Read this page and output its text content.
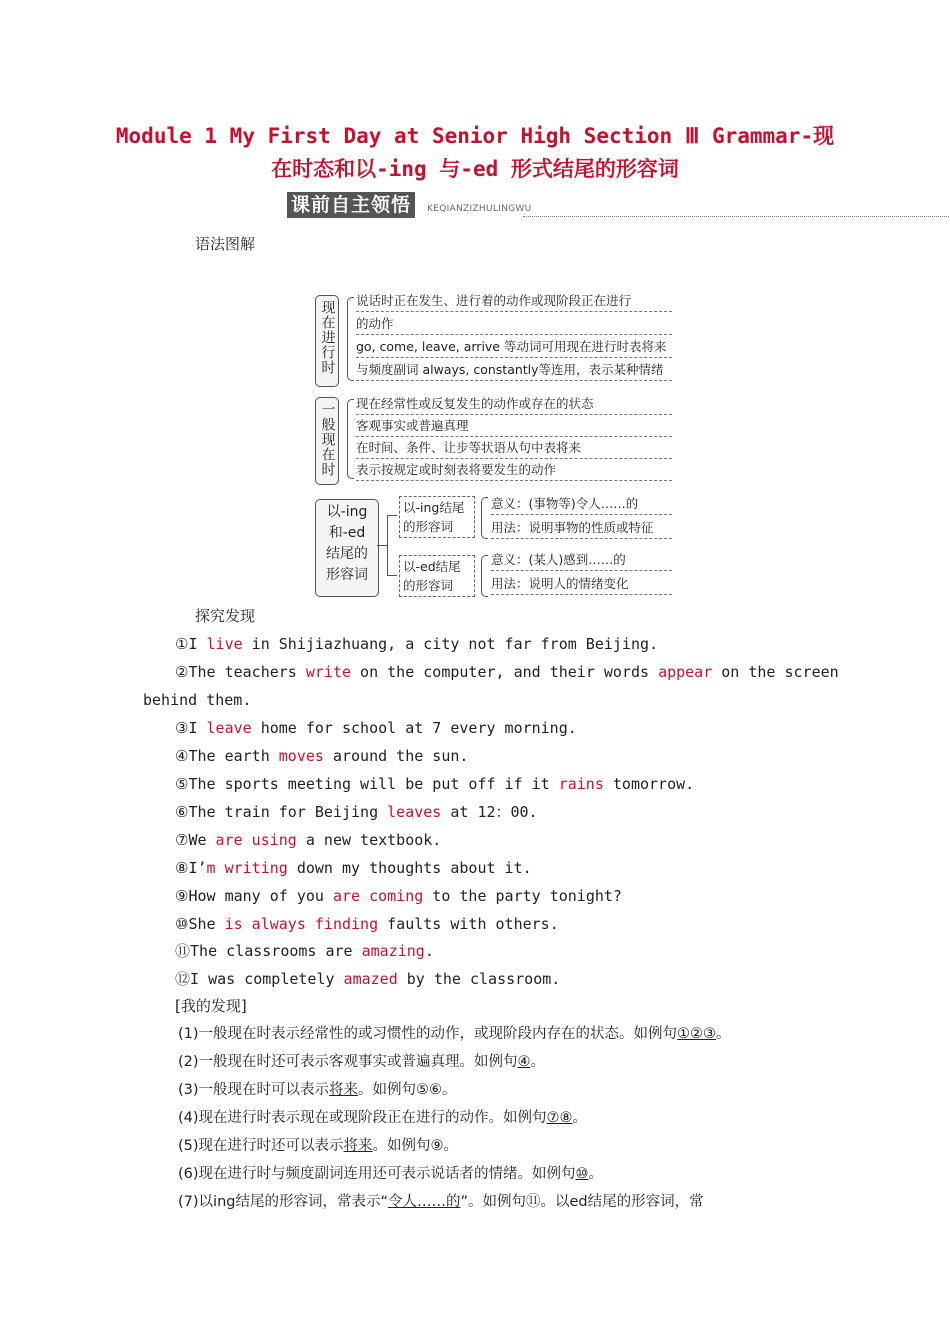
Module 1 My First Day at Senior High Section Ⅲ Grammar-现
在时态和以-ing 与-ed 形式结尾的形容词
课前自主领悟	KEQIANZIZHULINGWU
语法图解
现在进行时 说话时正在发生、进行着的动作或现阶段正在进行
的动作
go, come, leave, arrive 等动词可用现在进行时表将来
与频度副词 always, constantly等连用，表示某种情绪
一般现在时 现在经常性或反复发生的动作或存在的状态
客观事实或普遍真理
在时间、条件、让步等状语从句中表将来
表示按规定或时刻表将要发生的动作
以-ing
和-ed
结尾的
形容词
以-ing结尾
的形容词
意义：(事物等)令人……的
用法：说明事物的性质或特征
以-ed结尾
的形容词
意义：(某人)感到……的
用法：说明人的情绪变化
探究发现
①I live in Shijiazhuang, a city not far from Beijing.
②The teachers write on the computer, and their words appear on the screen
behind them.
③I leave home for school at 7 every morning.
④The earth moves around the sun.
⑤The sports meeting will be put off if it rains tomorrow.
⑥The train for Beijing leaves at 12：00.
⑦We are using a new textbook.
⑧I’m writing down my thoughts about it.
⑨How many of you are coming to the party tonight?
⑩She is always finding faults with others.
⑪The classrooms are amazing.
⑫I was completely amazed by the classroom.
[我的发现]
(1)一般现在时表示经常性的或习惯性的动作，或现阶段内存在的状态。如例句①②③。
(2)一般现在时还可表示客观事实或普遍真理。如例句④。
(3)一般现在时可以表示将来。如例句⑤⑥。
(4)现在进行时表示现在或现阶段正在进行的动作。如例句⑦⑧。
(5)现在进行时还可以表示将来。如例句⑨。
(6)现在进行时与频度副词连用还可表示说话者的情绪。如例句⑩。
(7)以ing结尾的形容词，常表示“令人……的”。如例句⑪。以ed结尾的形容词，常
